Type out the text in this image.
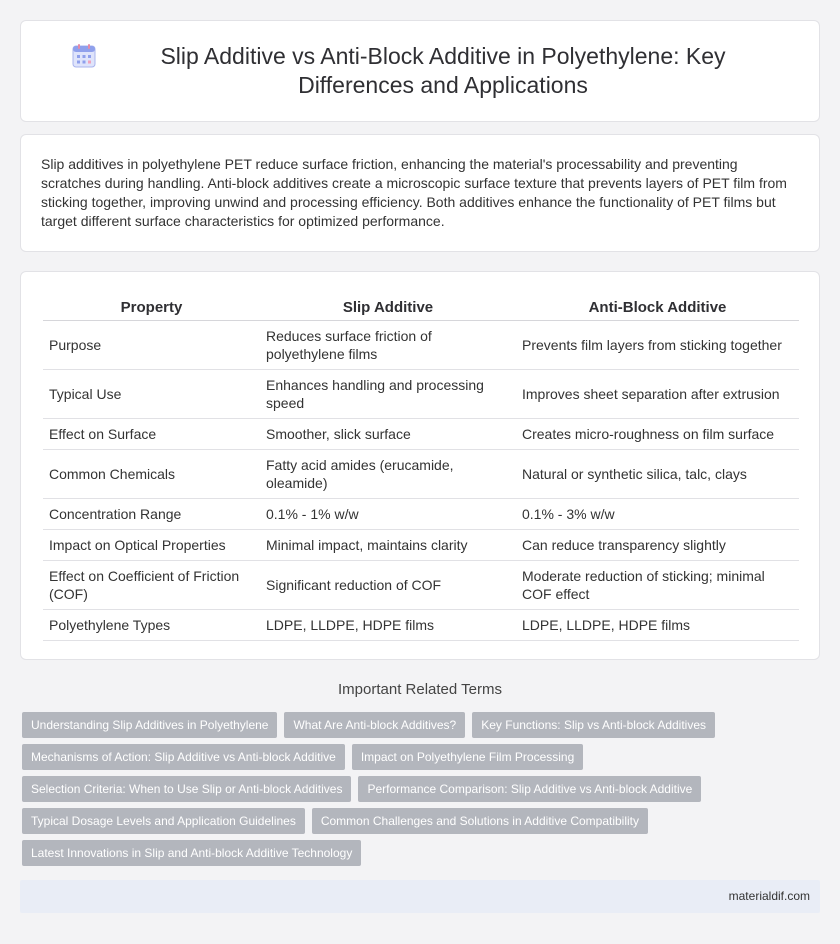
Slip Additive vs Anti-Block Additive in Polyethylene: Key Differences and Applications

Slip additives in polyethylene PET reduce surface friction, enhancing the material's processability and preventing scratches during handling. Anti-block additives create a microscopic surface texture that prevents layers of PET film from sticking together, improving unwind and processing efficiency. Both additives enhance the functionality of PET films but target different surface characteristics for optimized performance.

Property	Slip Additive	Anti-Block Additive
Purpose	Reduces surface friction of polyethylene films	Prevents film layers from sticking together
Typical Use	Enhances handling and processing speed	Improves sheet separation after extrusion
Effect on Surface	Smoother, slick surface	Creates micro-roughness on film surface
Common Chemicals	Fatty acid amides (erucamide, oleamide)	Natural or synthetic silica, talc, clays
Concentration Range	0.1% - 1% w/w	0.1% - 3% w/w
Impact on Optical Properties	Minimal impact, maintains clarity	Can reduce transparency slightly
Effect on Coefficient of Friction (COF)	Significant reduction of COF	Moderate reduction of sticking; minimal COF effect
Polyethylene Types	LDPE, LLDPE, HDPE films	LDPE, LLDPE, HDPE films
Important Related Terms
Understanding Slip Additives in Polyethylene	What Are Anti-block Additives?	Key Functions: Slip vs Anti-block Additives
Mechanisms of Action: Slip Additive vs Anti-block Additive	Impact on Polyethylene Film Processing
Selection Criteria: When to Use Slip or Anti-block Additives	Performance Comparison: Slip Additive vs Anti-block Additive
Typical Dosage Levels and Application Guidelines	Common Challenges and Solutions in Additive Compatibility
Latest Innovations in Slip and Anti-block Additive Technology
materialdif.com
